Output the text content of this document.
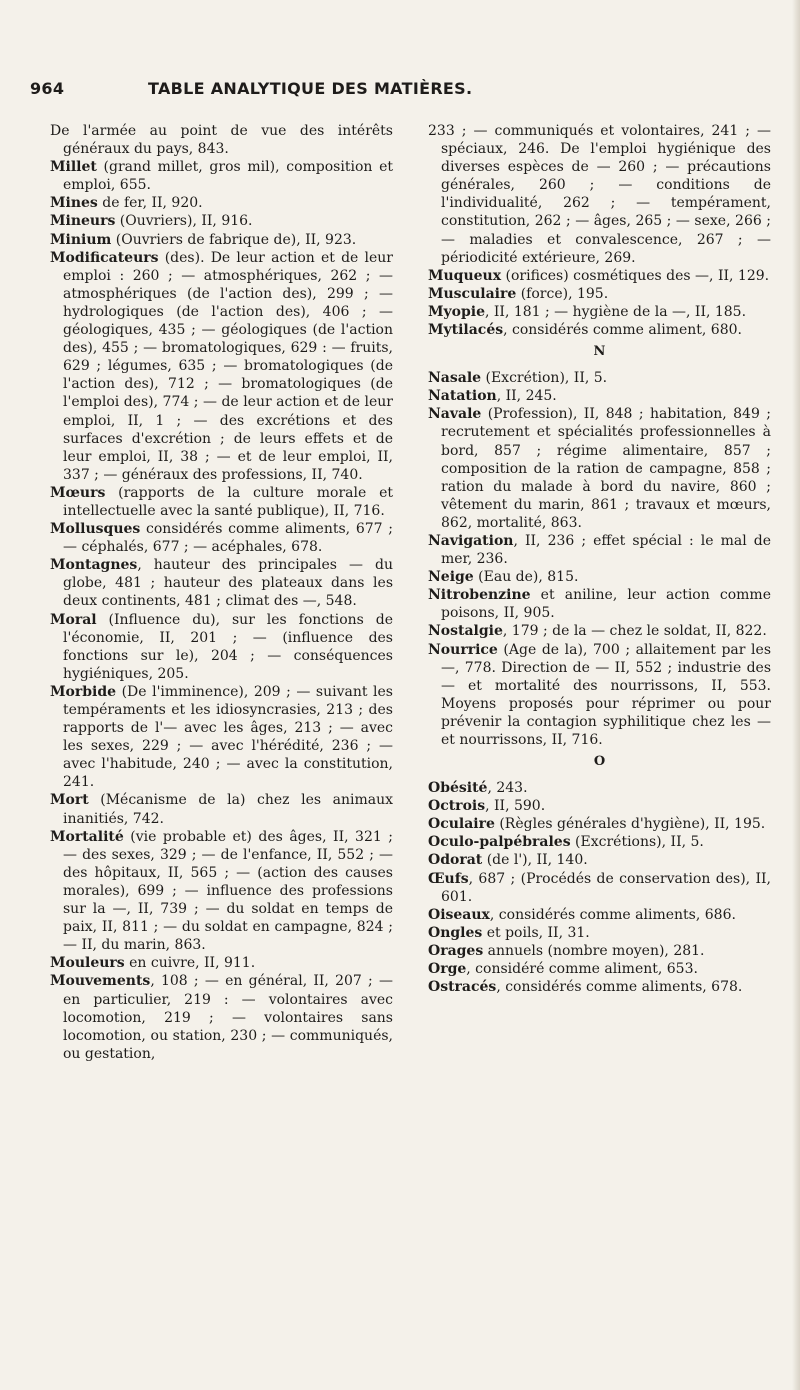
964	TABLE ANALYTIQUE DES MATIÈRES.

De l'armée au point de vue des intérêts généraux du pays, 843.

Millet (grand millet, gros mil), composition et emploi, 655.

Mines de fer, II, 920.

Mineurs (Ouvriers), II, 916.

Minium (Ouvriers de fabrique de), II, 923.

Modificateurs (des). De leur action et de leur emploi : 260 ; — atmosphériques, 262 ; — atmosphériques (de l'action des), 299 ; — hydrologiques (de l'action des), 406 ; — géologiques, 435 ; — géologiques (de l'action des), 455 ; — bromatologiques, 629 : — fruits, 629 ; légumes, 635 ; — bromatologiques (de l'action des), 712 ; — bromatologiques (de l'emploi des), 774 ; — de leur action et de leur emploi, II, 1 ; — des excrétions et des surfaces d'excrétion ; de leurs effets et de leur emploi, II, 38 ; — et de leur emploi, II, 337 ; — généraux des professions, II, 740.

Mœurs (rapports de la culture morale et intellectuelle avec la santé publique), II, 716.

Mollusques considérés comme aliments, 677 ; — céphalés, 677 ; — acéphales, 678.

Montagnes, hauteur des principales — du globe, 481 ; hauteur des plateaux dans les deux continents, 481 ; climat des —, 548.

Moral (Influence du), sur les fonctions de l'économie, II, 201 ; — (influence des fonctions sur le), 204 ; — conséquences hygiéniques, 205.

Morbide (De l'imminence), 209 ; — suivant les tempéraments et les idiosyncrasies, 213 ; des rapports de l'— avec les âges, 213 ; — avec les sexes, 229 ; — avec l'hérédité, 236 ; — avec l'habitude, 240 ; — avec la constitution, 241.

Mort (Mécanisme de la) chez les animaux inanitiés, 742.

Mortalité (vie probable et) des âges, II, 321 ; — des sexes, 329 ; — de l'enfance, II, 552 ; — des hôpitaux, II, 565 ; — (action des causes morales), 699 ; — influence des professions sur la —, II, 739 ; — du soldat en temps de paix, II, 811 ; — du soldat en campagne, 824 ; — II, du marin, 863.

Mouleurs en cuivre, II, 911.

Mouvements, 108 ; — en général, II, 207 ; — en particulier, 219 : — volontaires avec locomotion, 219 ; — volontaires sans locomotion, ou station, 230 ; — communiqués, ou gestation,

233 ; — communiqués et volontaires, 241 ; — spéciaux, 246. De l'emploi hygiénique des diverses espèces de — 260 ; — précautions générales, 260 ; — conditions de l'individualité, 262 ; — tempérament, constitution, 262 ; — âges, 265 ; — sexe, 266 ; — maladies et convalescence, 267 ; — périodicité extérieure, 269.

Muqueux (orifices) cosmétiques des —, II, 129.

Musculaire (force), 195.

Myopie, II, 181 ; — hygiène de la —, II, 185.

Mytilacés, considérés comme aliment, 680.

N

Nasale (Excrétion), II, 5.

Natation, II, 245.

Navale (Profession), II, 848 ; habitation, 849 ; recrutement et spécialités professionnelles à bord, 857 ; régime alimentaire, 857 ; composition de la ration de campagne, 858 ; ration du malade à bord du navire, 860 ; vêtement du marin, 861 ; travaux et mœurs, 862, mortalité, 863.

Navigation, II, 236 ; effet spécial : le mal de mer, 236.

Neige (Eau de), 815.

Nitrobenzine et aniline, leur action comme poisons, II, 905.

Nostalgie, 179 ; de la — chez le soldat, II, 822.

Nourrice (Age de la), 700 ; allaitement par les —, 778. Direction de — II, 552 ; industrie des — et mortalité des nourrissons, II, 553. Moyens proposés pour réprimer ou pour prévenir la contagion syphilitique chez les — et nourrissons, II, 716.

O

Obésité, 243.

Octrois, II, 590.

Oculaire (Règles générales d'hygiène), II, 195.

Oculo-palpébrales (Excrétions), II, 5.

Odorat (de l'), II, 140.

Œufs, 687 ; (Procédés de conservation des), II, 601.

Oiseaux, considérés comme aliments, 686.

Ongles et poils, II, 31.

Orages annuels (nombre moyen), 281.

Orge, considéré comme aliment, 653.

Ostracés, considérés comme aliments, 678.
